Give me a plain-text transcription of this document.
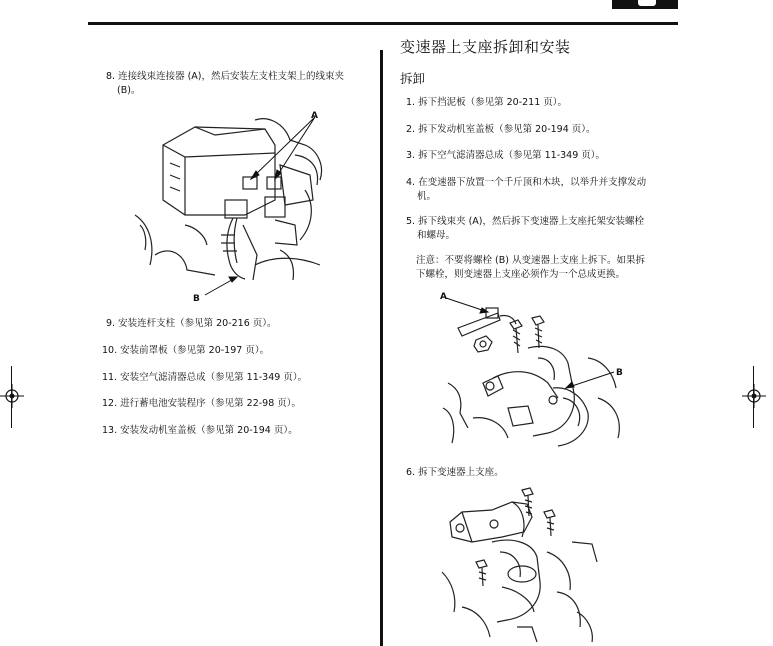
变速器上支座拆卸和安装
拆卸
8. 连接线束连接器 (A)，然后安装左支柱支架上的线束夹
(B)。
A
B
9. 安装连杆支柱（参见第 20-216 页）。
10. 安装前罩板（参见第 20-197 页）。
11. 安装空气滤清器总成（参见第 11-349 页）。
12. 进行蓄电池安装程序（参见第 22-98 页）。
13. 安装发动机室盖板（参见第 20-194 页）。
1. 拆下挡泥板（参见第 20-211 页）。
2. 拆下发动机室盖板（参见第 20-194 页）。
3. 拆下空气滤清器总成（参见第 11-349 页）。
4. 在变速器下放置一个千斤顶和木块，以举升并支撑发动
机。
5. 拆下线束夹 (A)，然后拆下变速器上支座托架安装螺栓
和螺母。
注意：不要将螺栓 (B) 从变速器上支座上拆下。如果拆
下螺栓，则变速器上支座必须作为一个总成更换。
A
B
6. 拆下变速器上支座。
